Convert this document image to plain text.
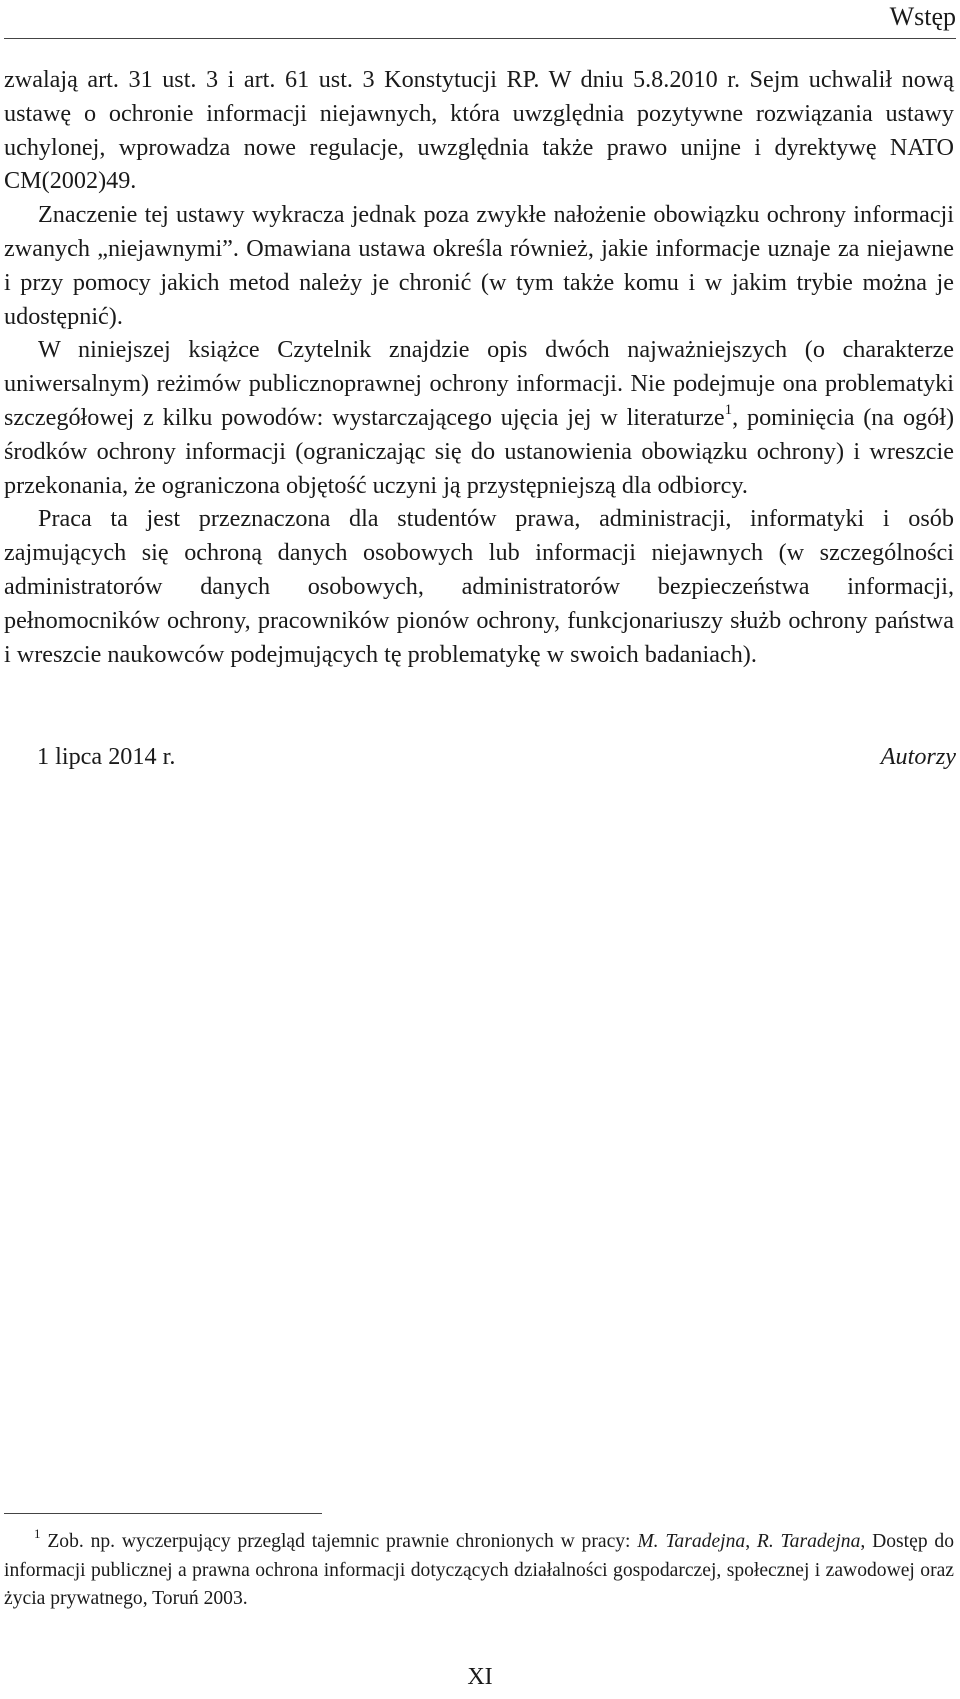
Wstęp

zwalają art. 31 ust. 3 i art. 61 ust. 3 Konstytucji RP. W dniu 5.8.2010 r. Sejm uchwalił nową ustawę o ochronie informacji niejawnych, która uwzględnia pozytywne rozwiązania ustawy uchylonej, wprowadza nowe regulacje, uwzględnia także prawo unijne i dyrektywę NATO CM(2002)49.

Znaczenie tej ustawy wykracza jednak poza zwykłe nałożenie obowiązku ochrony informacji zwanych „niejawnymi”. Omawiana ustawa określa również, jakie informacje uznaje za niejawne i przy pomocy jakich metod należy je chronić (w tym także komu i w jakim trybie można je udostępnić).

W niniejszej książce Czytelnik znajdzie opis dwóch najważniejszych (o charakterze uniwersalnym) reżimów publicznoprawnej ochrony informacji. Nie podejmuje ona problematyki szczegółowej z kilku powodów: wystarczającego ujęcia jej w literaturze$^1$, pominięcia (na ogół) środków ochrony informacji (ograniczając się do ustanowienia obowiązku ochrony) i wreszcie przekonania, że ograniczona objętość uczyni ją przystępniejszą dla odbiorcy.

Praca ta jest przeznaczona dla studentów prawa, administracji, informatyki i osób zajmujących się ochroną danych osobowych lub informacji niejawnych (w szczególności administratorów danych osobowych, administratorów bezpieczeństwa informacji, pełnomocników ochrony, pracowników pionów ochrony, funkcjonariuszy służb ochrony państwa i wreszcie naukowców podejmujących tę problematykę w swoich badaniach).

1 lipca 2014 r.	Autorzy

$^1$ Zob. np. wyczerpujący przegląd tajemnic prawnie chronionych w pracy: M. Taradejna, R. Taradejna, Dostęp do informacji publicznej a prawna ochrona informacji dotyczących działalności gospodarczej, społecznej i zawodowej oraz życia prywatnego, Toruń 2003.

XI
